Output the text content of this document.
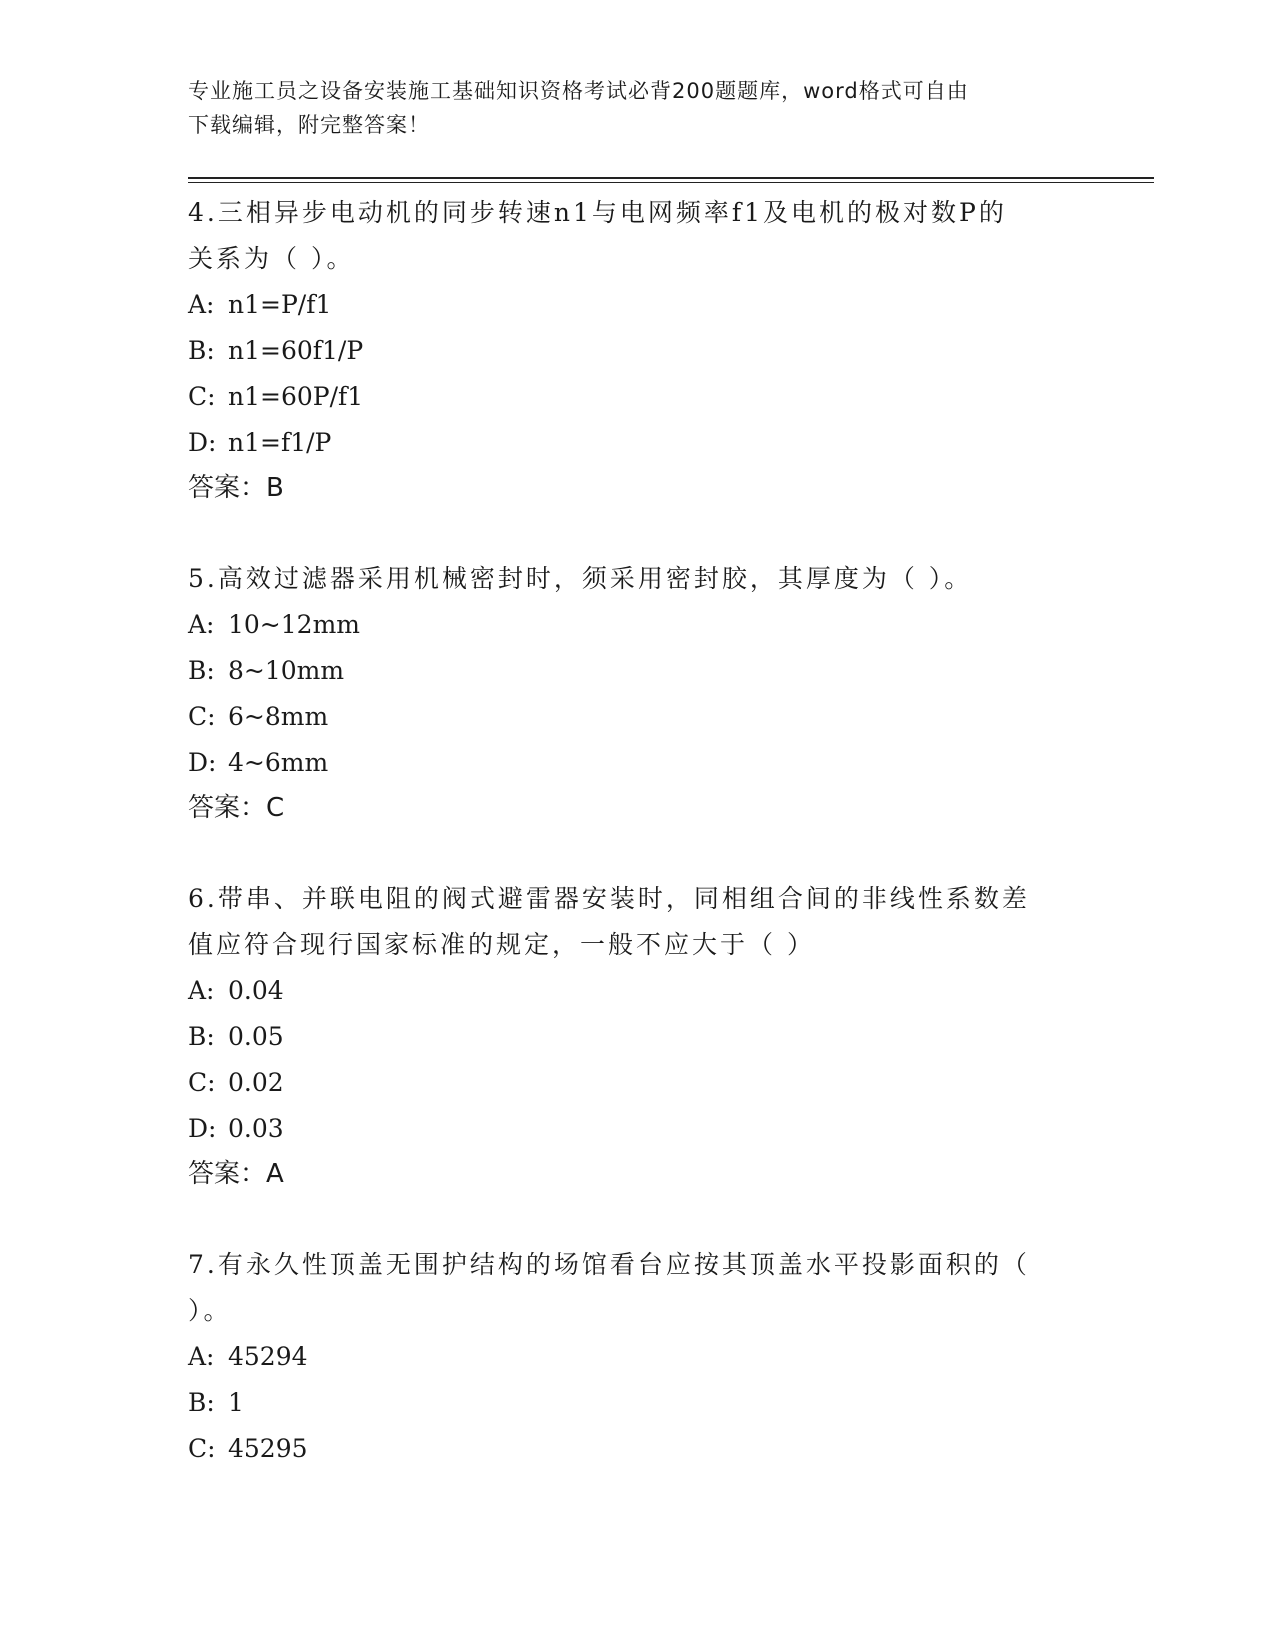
专业施工员之设备安装施工基础知识资格考试必背200题题库，word格式可自由
下载编辑，附完整答案！

4.三相异步电动机的同步转速n1与电网频率f1及电机的极对数P的

关系为（ ）。

A: n1=P/f1

B: n1=60f1/P

C: n1=60P/f1

D: n1=f1/P

答案：B

5.高效过滤器采用机械密封时，须采用密封胶，其厚度为（ ）。

A: 10~12mm

B: 8~10mm

C: 6~8mm

D: 4~6mm

答案：C

6.带串、并联电阻的阀式避雷器安装时，同相组合间的非线性系数差

值应符合现行国家标准的规定，一般不应大于（ ）

A: 0.04

B: 0.05

C: 0.02

D: 0.03

答案：A

7.有永久性顶盖无围护结构的场馆看台应按其顶盖水平投影面积的（

）。

A: 45294

B: 1

C: 45295
